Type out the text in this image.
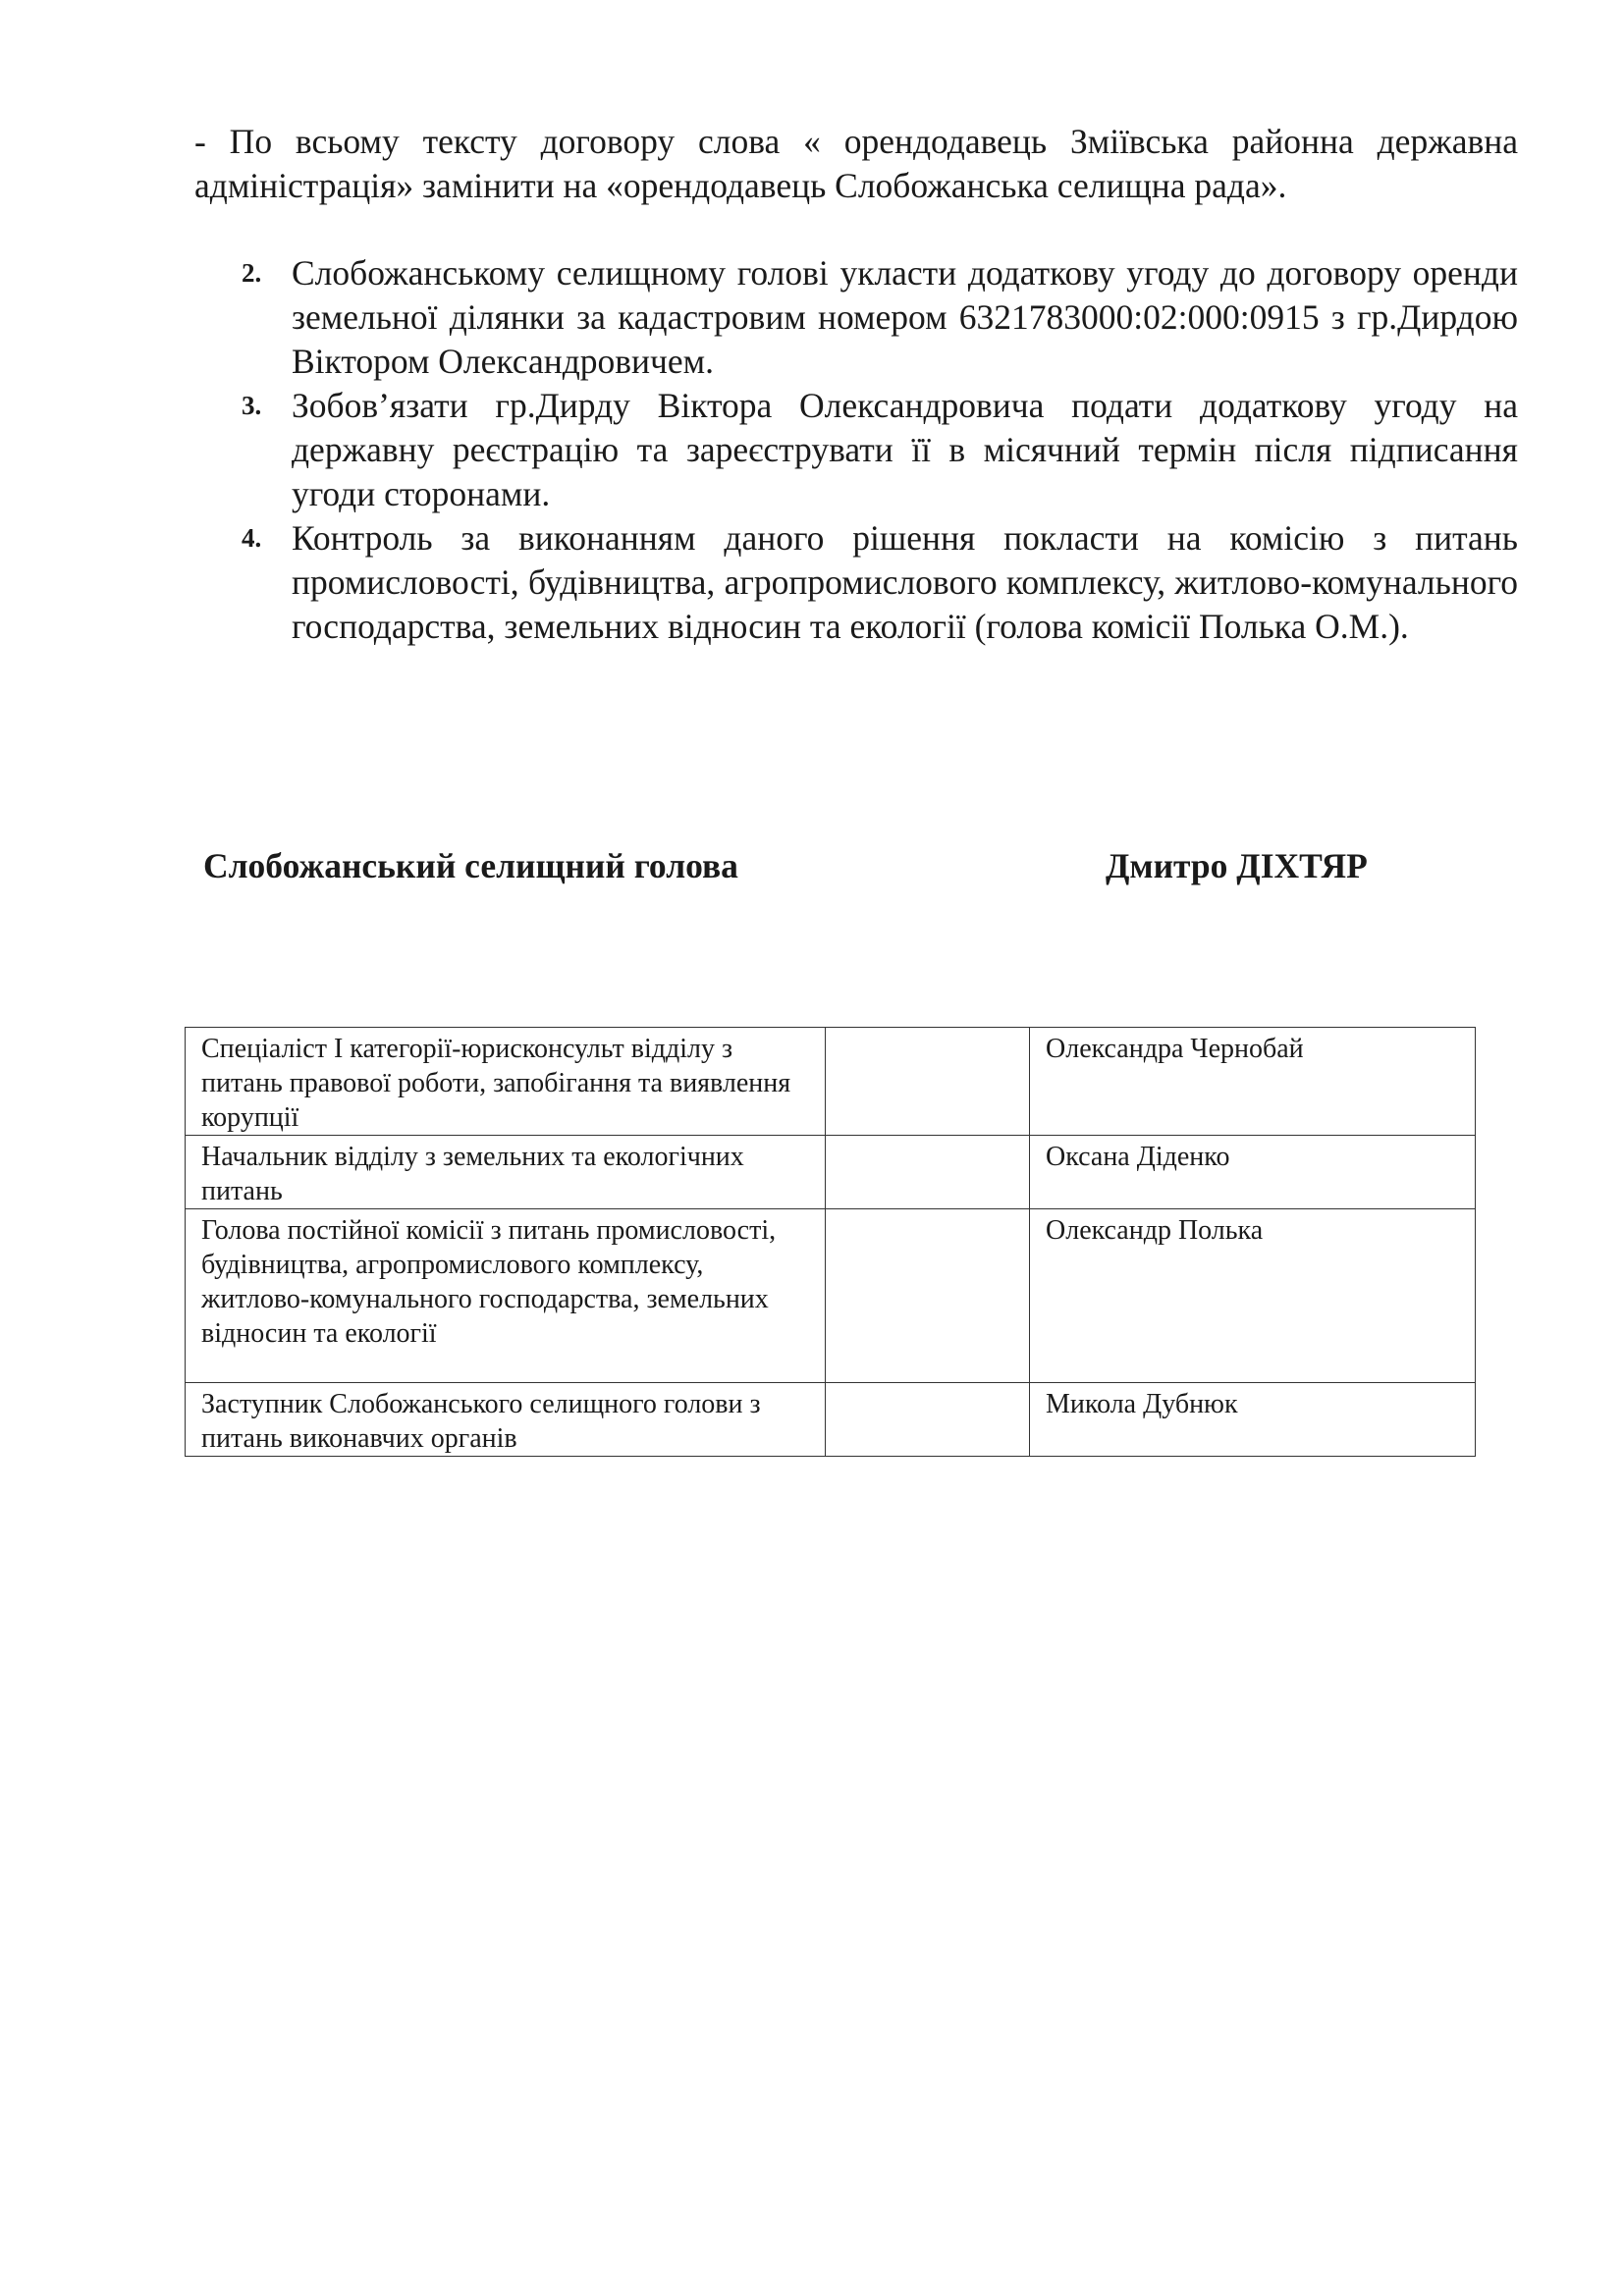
- По всьому тексту договору слова « орендодавець Зміївська районна державна адміністрація» замінити на «орендодавець Слобожанська селищна рада».

2. Слобожанському селищному голові укласти додаткову угоду до договору оренди земельної ділянки за кадастровим номером 6321783000:02:000:0915 з гр.Дирдою Віктором Олександровичем.
3. Зобов’язати гр.Дирду Віктора Олександровича подати додаткову угоду на державну реєстрацію та зареєструвати її в місячний термін після підписання угоди сторонами.
4. Контроль за виконанням даного рішення покласти на комісію з питань промисловості, будівництва, агропромислового комплексу, житлово-комунального господарства, земельних відносин та екології (голова комісії Полька О.М.).
Слобожанський селищний голова	Дмитро ДІХТЯР
Спеціаліст І категорії-юрисконсульт відділу з питань правової роботи, запобігання та виявлення корупції		Олександра Чернобай
Начальник відділу з земельних та екологічних питань		Оксана Діденко
Голова постійної комісії з питань промисловості, будівництва, агропромислового комплексу, житлово-комунального господарства, земельних відносин та екології		Олександр Полька
Заступник Слобожанського селищного голови з питань виконавчих органів		Микола Дубнюк
